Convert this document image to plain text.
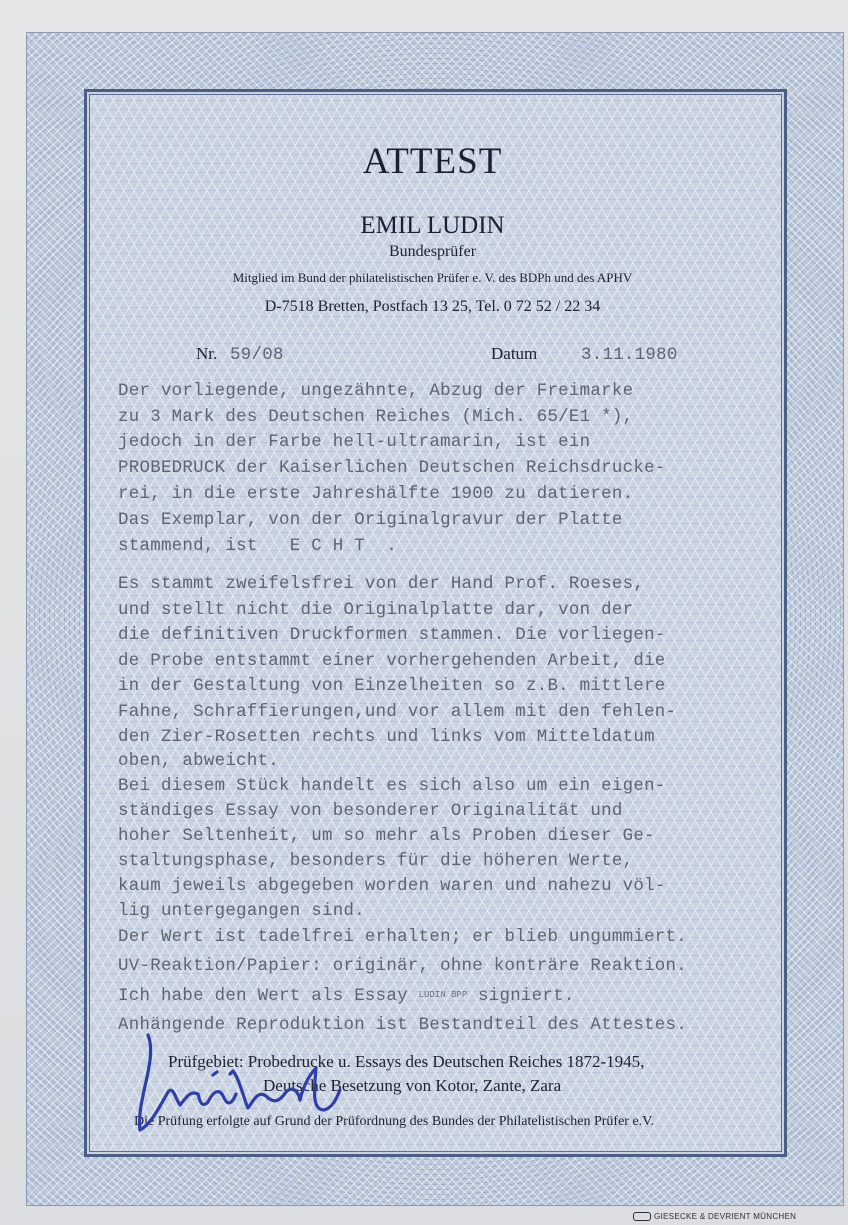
ATTEST
EMIL LUDIN
Bundesprüfer
Mitglied im Bund der philatelistischen Prüfer e. V. des BDPh und des APHV
D-7518 Bretten, Postfach 13 25, Tel. 0 72 52 / 22 34
Nr. 59/08	Datum	3.11.1980
Der vorliegende, ungezähnte, Abzug der Freimarke
zu 3 Mark des Deutschen Reiches (Mich. 65/E1 *),
jedoch in der Farbe hell-ultramarin, ist ein
PROBEDRUCK der Kaiserlichen Deutschen Reichsdrucke-
rei, in die erste Jahreshälfte 1900 zu datieren.
Das Exemplar, von der Originalgravur der Platte
stammend, ist   E C H T  .
Es stammt zweifelsfrei von der Hand Prof. Roeses,
und stellt nicht die Originalplatte dar, von der
die definitiven Druckformen stammen. Die vorliegen-
de Probe entstammt einer vorhergehenden Arbeit, die
in der Gestaltung von Einzelheiten so z.B. mittlere
Fahne, Schraffierungen,und vor allem mit den fehlen-
den Zier-Rosetten rechts und links vom Mitteldatum
oben, abweicht.
Bei diesem Stück handelt es sich also um ein eigen-
ständiges Essay von besonderer Originalität und
hoher Seltenheit, um so mehr als Proben dieser Ge-
staltungsphase, besonders für die höheren Werte,
kaum jeweils abgegeben worden waren und nahezu völ-
lig untergegangen sind.
Der Wert ist tadelfrei erhalten; er blieb ungummiert.
UV-Reaktion/Papier: originär, ohne konträre Reaktion.
Ich habe den Wert als Essay LUDIN BPP signiert.
Anhängende Reproduktion ist Bestandteil des Attestes.
Prüfgebiet: Probedrucke u. Essays des Deutschen Reiches 1872-1945,
Deutsche Besetzung von Kotor, Zante, Zara
Die Prüfung erfolgte auf Grund der Prüfordnung des Bundes der Philatelistischen Prüfer e.V.
GIESECKE & DEVRIENT MÜNCHEN
